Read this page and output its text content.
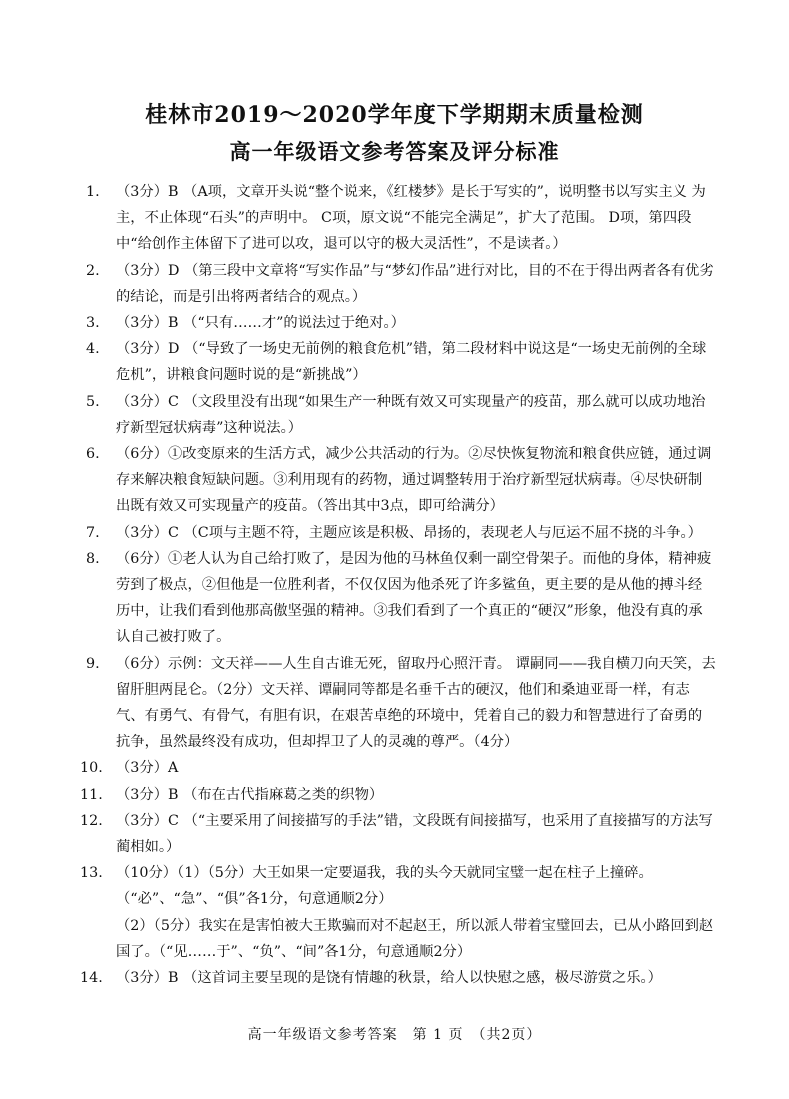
桂林市2019～2020学年度下学期期末质量检测
高一年级语文参考答案及评分标准
1. （3分）B （A项，文章开头说“整个说来，《红楼梦》是长于写实的”，说明整书以写实主义 为主，不止体现“石头”的声明中。 C项，原文说“不能完全满足”，扩大了范围。 D项，第四段中“给创作主体留下了进可以攻，退可以守的极大灵活性”，不是读者。）
2. （3分）D （第三段中文章将“写实作品”与“梦幻作品”进行对比，目的不在于得出两者各有优劣的结论，而是引出将两者结合的观点。）
3. （3分）B （“只有……才”的说法过于绝对。）
4. （3分）D （“导致了一场史无前例的粮食危机”错，第二段材料中说这是“一场史无前例的全球危机”，讲粮食问题时说的是“新挑战”）
5. （3分）C （文段里没有出现“如果生产一种既有效又可实现量产的疫苗，那么就可以成功地治疗新型冠状病毒”这种说法。）
6. （6分）①改变原来的生活方式，减少公共活动的行为。②尽快恢复物流和粮食供应链，通过调存来解决粮食短缺问题。③利用现有的药物，通过调整转用于治疗新型冠状病毒。④尽快研制出既有效又可实现量产的疫苗。（答出其中3点，即可给满分）
7. （3分）C （C项与主题不符，主题应该是积极、昂扬的，表现老人与厄运不屈不挠的斗争。）
8. （6分）①老人认为自己给打败了，是因为他的马林鱼仅剩一副空骨架子。而他的身体，精神疲劳到了极点，②但他是一位胜利者，不仅仅因为他杀死了许多鲨鱼，更主要的是从他的搏斗经历中，让我们看到他那高傲坚强的精神。③我们看到了一个真正的“硬汉”形象，他没有真的承认自己被打败了。
9. （6分）示例：文天祥——人生自古谁无死，留取丹心照汗青。 谭嗣同——我自横刀向天笑，去留肝胆两昆仑。（2分）文天祥、谭嗣同等都是名垂千古的硬汉，他们和桑迪亚哥一样，有志气、有勇气、有骨气，有胆有识，在艰苦卓绝的环境中，凭着自己的毅力和智慧进行了奋勇的抗争，虽然最终没有成功，但却捍卫了人的灵魂的尊严。（4分）
10. （3分）A
11. （3分）B （布在古代指麻葛之类的织物）
12. （3分）C （“主要采用了间接描写的手法”错，文段既有间接描写，也采用了直接描写的方法写蔺相如。）
13. （10分）（1）（5分）大王如果一定要逼我，我的头今天就同宝璧一起在柱子上撞碎。（“必”、“急”、“俱”各1分，句意通顺2分）
（2）（5分）我实在是害怕被大王欺骗而对不起赵王，所以派人带着宝璧回去，已从小路回到赵国了。（“见……于”、“负”、“间”各1分，句意通顺2分）
14. （3分）B （这首词主要呈现的是饶有情趣的秋景，给人以快慰之感，极尽游赏之乐。）
高一年级语文参考答案　第 1 页　（共2页）
